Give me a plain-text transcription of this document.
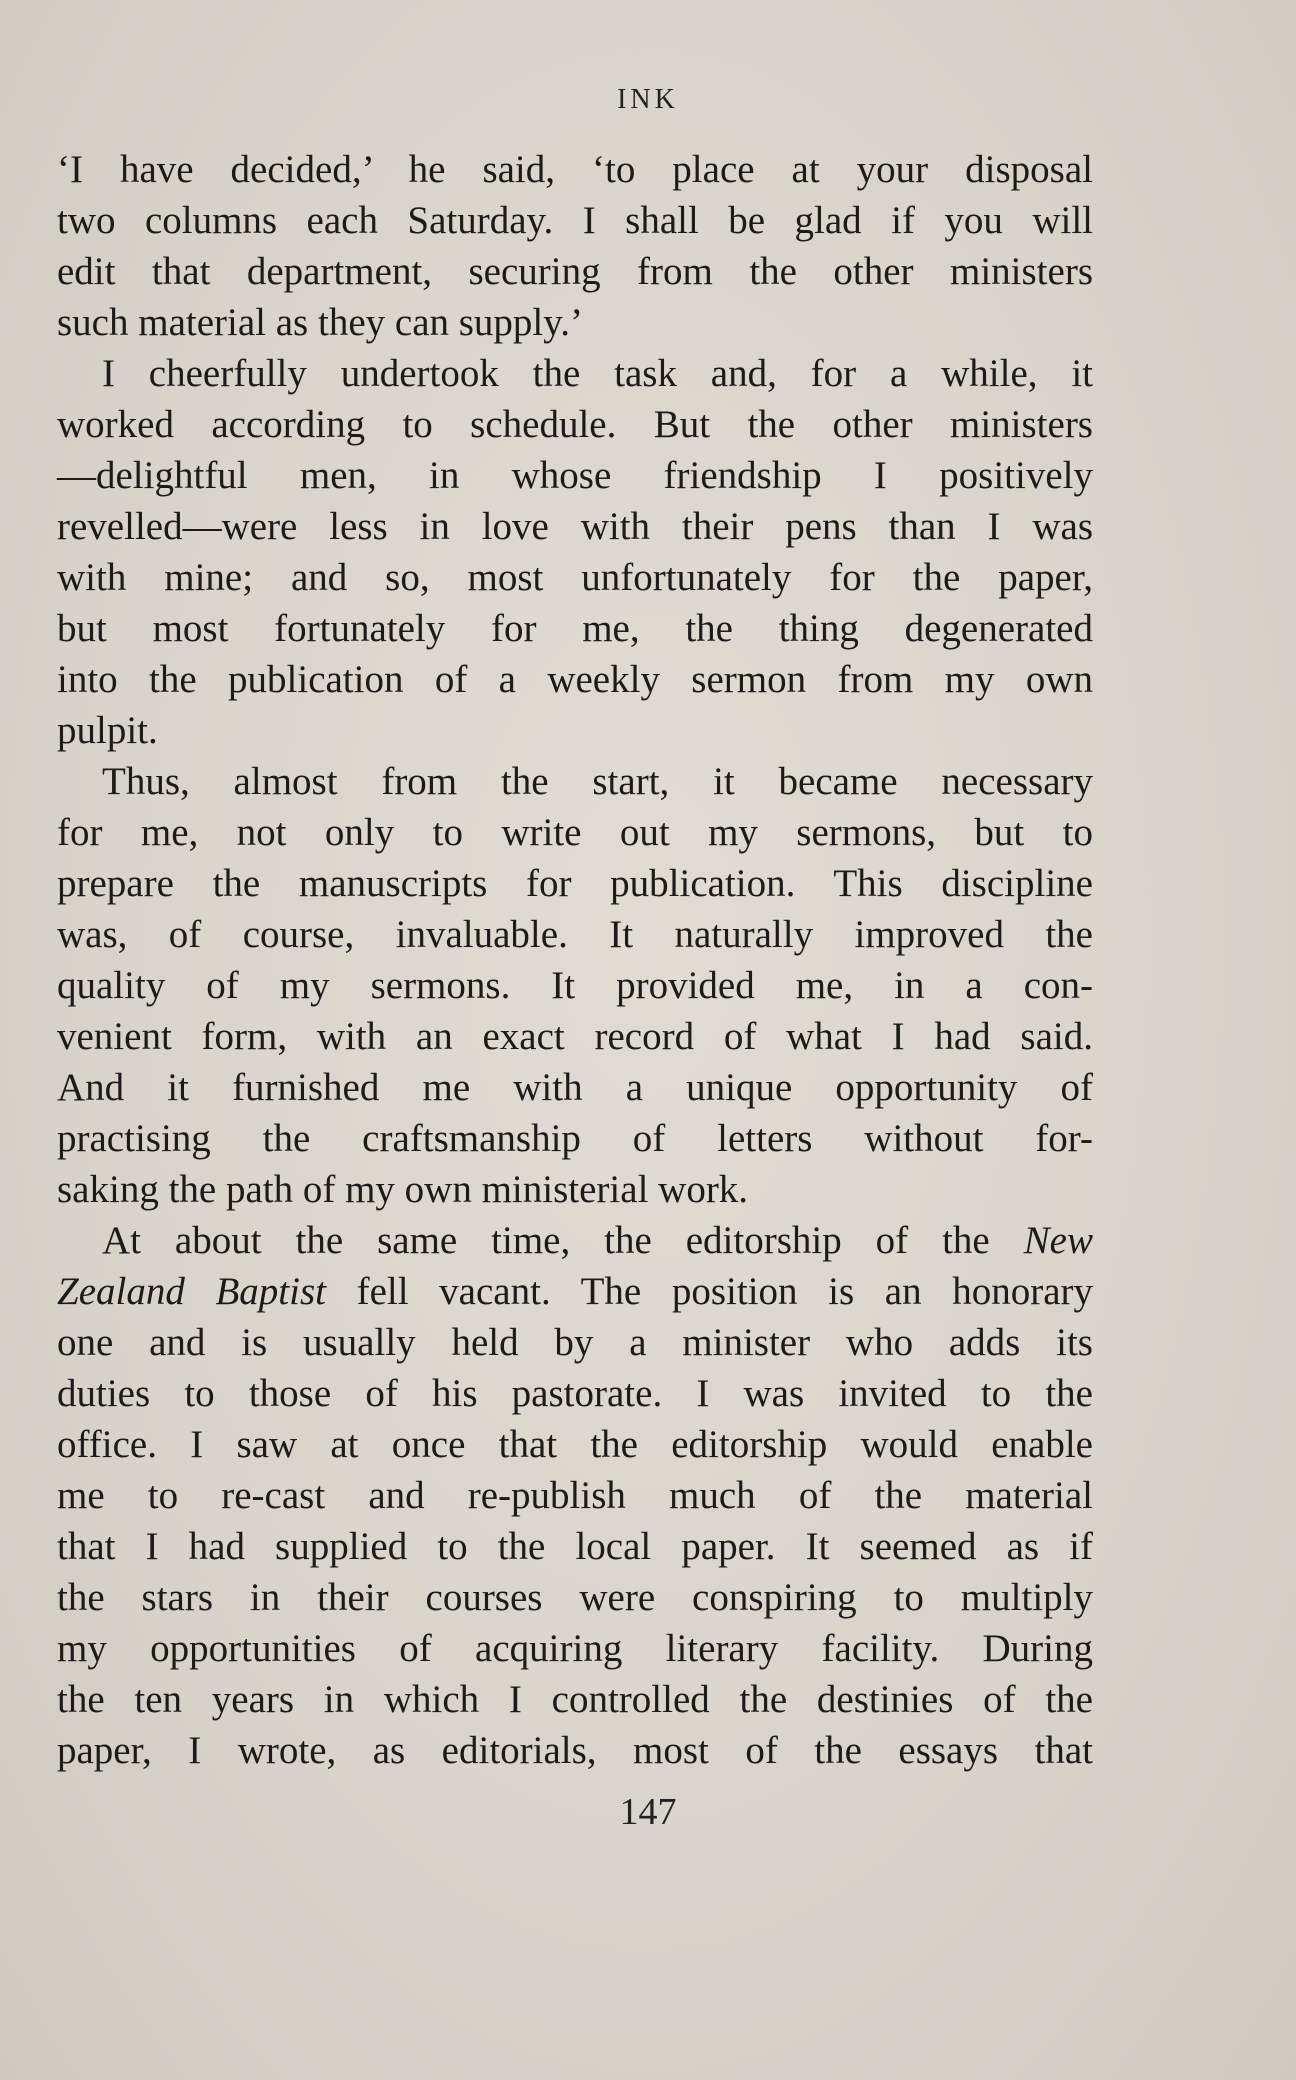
INK
‘I have decided,’ he said, ‘to place at your disposal
two columns each Saturday. I shall be glad if you will
edit that department, securing from the other ministers
such material as they can supply.’
I cheerfully undertook the task and, for a while, it
worked according to schedule. But the other ministers
—delightful men, in whose friendship I positively
revelled—were less in love with their pens than I was
with mine; and so, most unfortunately for the paper,
but most fortunately for me, the thing degenerated
into the publication of a weekly sermon from my own
pulpit.
Thus, almost from the start, it became necessary
for me, not only to write out my sermons, but to
prepare the manuscripts for publication. This discipline
was, of course, invaluable. It naturally improved the
quality of my sermons. It provided me, in a con-
venient form, with an exact record of what I had said.
And it furnished me with a unique opportunity of
practising the craftsmanship of letters without for-
saking the path of my own ministerial work.
At about the same time, the editorship of the New
Zealand Baptist fell vacant. The position is an honorary
one and is usually held by a minister who adds its
duties to those of his pastorate. I was invited to the
office. I saw at once that the editorship would enable
me to re-cast and re-publish much of the material
that I had supplied to the local paper. It seemed as if
the stars in their courses were conspiring to multiply
my opportunities of acquiring literary facility. During
the ten years in which I controlled the destinies of the
paper, I wrote, as editorials, most of the essays that
147
